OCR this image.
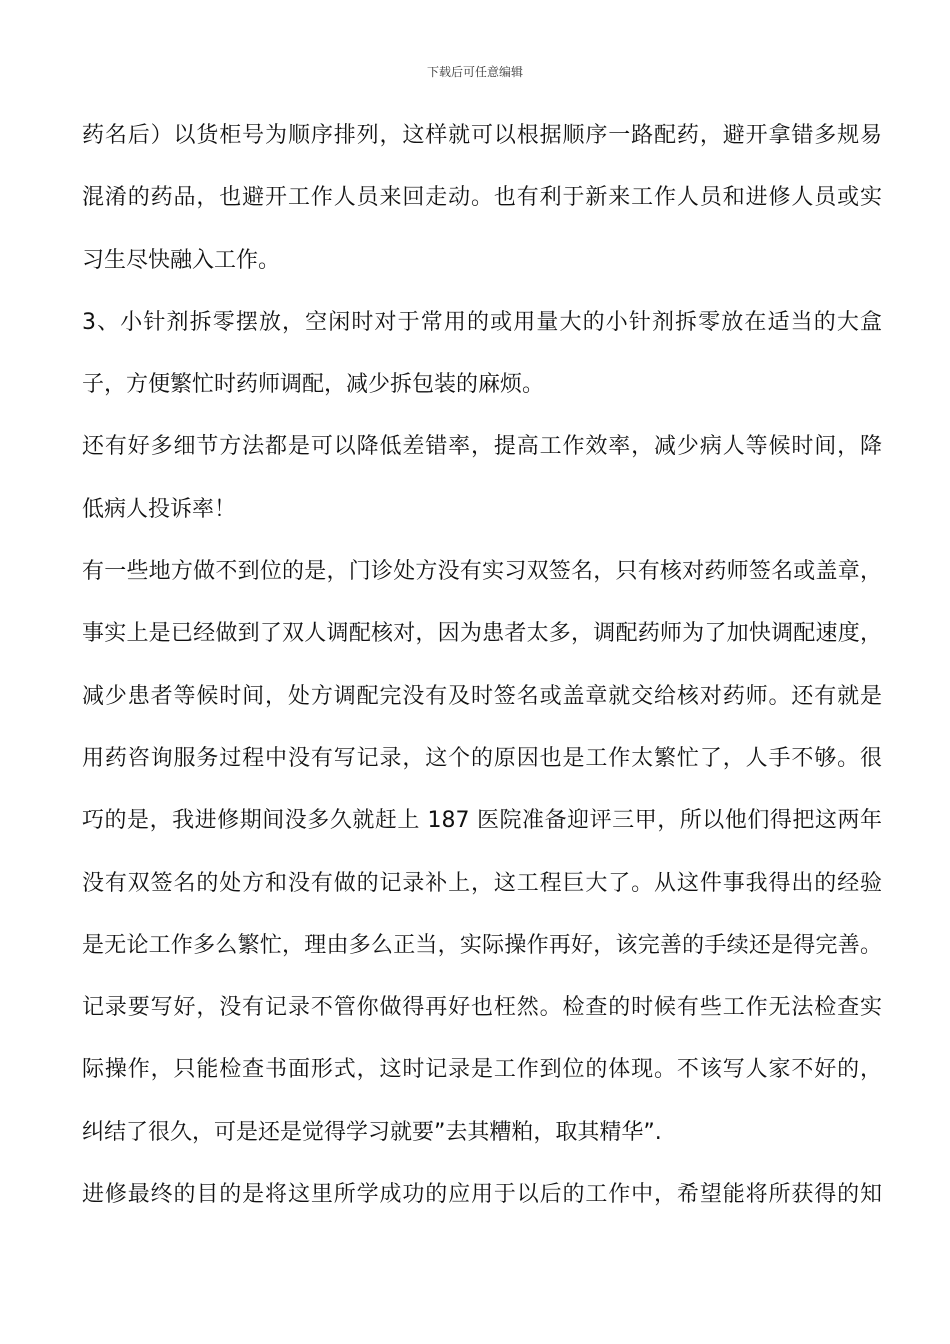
下载后可任意编辑
药名后）以货柜号为顺序排列，这样就可以根据顺序一路配药，避开拿错多规易
混淆的药品，也避开工作人员来回走动。也有利于新来工作人员和进修人员或实
习生尽快融入工作。
3、小针剂拆零摆放，空闲时对于常用的或用量大的小针剂拆零放在适当的大盒
子，方便繁忙时药师调配，减少拆包装的麻烦。
还有好多细节方法都是可以降低差错率，提高工作效率，减少病人等候时间，降
低病人投诉率！
有一些地方做不到位的是，门诊处方没有实习双签名，只有核对药师签名或盖章，
事实上是已经做到了双人调配核对，因为患者太多，调配药师为了加快调配速度，
减少患者等候时间，处方调配完没有及时签名或盖章就交给核对药师。还有就是
用药咨询服务过程中没有写记录，这个的原因也是工作太繁忙了，人手不够。很
巧的是，我进修期间没多久就赶上 187 医院准备迎评三甲，所以他们得把这两年
没有双签名的处方和没有做的记录补上，这工程巨大了。从这件事我得出的经验
是无论工作多么繁忙，理由多么正当，实际操作再好，该完善的手续还是得完善。
记录要写好，没有记录不管你做得再好也枉然。检查的时候有些工作无法检查实
际操作，只能检查书面形式，这时记录是工作到位的体现。不该写人家不好的，
纠结了很久，可是还是觉得学习就要”去其糟粕，取其精华”.
进修最终的目的是将这里所学成功的应用于以后的工作中，希望能将所获得的知
